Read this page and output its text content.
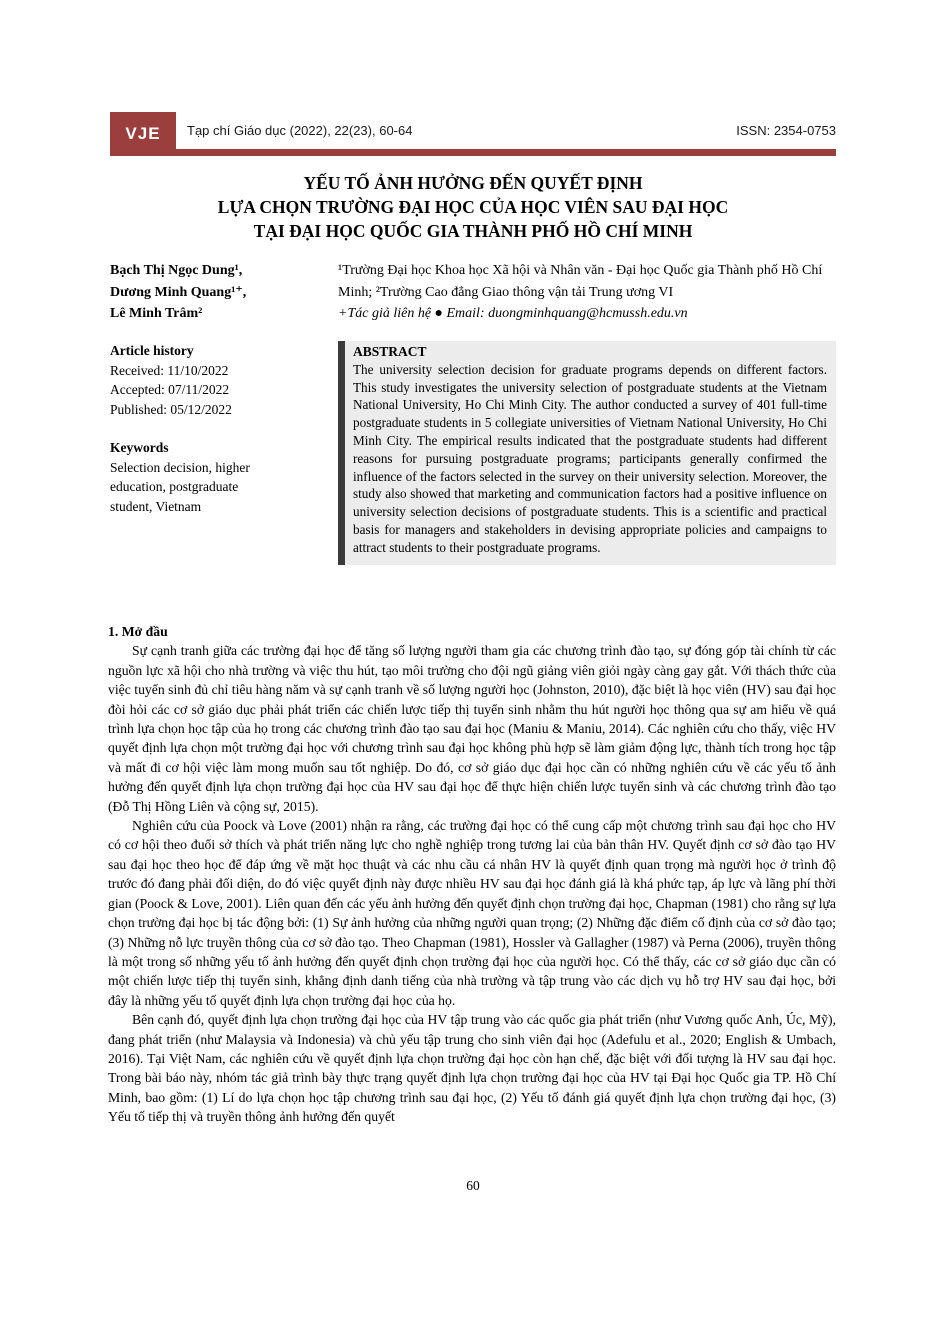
VJE Tạp chí Giáo dục (2022), 22(23), 60-64	ISSN: 2354-0753
YẾU TỐ ẢNH HƯỞNG ĐẾN QUYẾT ĐỊNH
LỰA CHỌN TRƯỜNG ĐẠI HỌC CỦA HỌC VIÊN SAU ĐẠI HỌC
TẠI ĐẠI HỌC QUỐC GIA THÀNH PHỐ HỒ CHÍ MINH
Bạch Thị Ngọc Dung¹,
Dương Minh Quang¹⁺,
Lê Minh Trâm²
¹Trường Đại học Khoa học Xã hội và Nhân văn - Đại học Quốc gia Thành phố Hồ Chí Minh; ²Trường Cao đẳng Giao thông vận tải Trung ương VI
+Tác giả liên hệ ● Email: duongminhquang@hcmussh.edu.vn
Article history
Received: 11/10/2022
Accepted: 07/11/2022
Published: 05/12/2022
Keywords
Selection decision, higher education, postgraduate student, Vietnam
ABSTRACT
The university selection decision for graduate programs depends on different factors. This study investigates the university selection of postgraduate students at the Vietnam National University, Ho Chi Minh City. The author conducted a survey of 401 full-time postgraduate students in 5 collegiate universities of Vietnam National University, Ho Chi Minh City. The empirical results indicated that the postgraduate students had different reasons for pursuing postgraduate programs; participants generally confirmed the influence of the factors selected in the survey on their university selection. Moreover, the study also showed that marketing and communication factors had a positive influence on university selection decisions of postgraduate students. This is a scientific and practical basis for managers and stakeholders in devising appropriate policies and campaigns to attract students to their postgraduate programs.
1. Mở đầu

Sự cạnh tranh giữa các trường đại học để tăng số lượng người tham gia các chương trình đào tạo, sự đóng góp tài chính từ các nguồn lực xã hội cho nhà trường và việc thu hút, tạo môi trường cho đội ngũ giảng viên giỏi ngày càng gay gắt. Với thách thức của việc tuyển sinh đủ chỉ tiêu hàng năm và sự cạnh tranh về số lượng người học (Johnston, 2010), đặc biệt là học viên (HV) sau đại học đòi hỏi các cơ sở giáo dục phải phát triển các chiến lược tiếp thị tuyển sinh nhằm thu hút người học thông qua sự am hiểu về quá trình lựa chọn học tập của họ trong các chương trình đào tạo sau đại học (Maniu & Maniu, 2014). Các nghiên cứu cho thấy, việc HV quyết định lựa chọn một trường đại học với chương trình sau đại học không phù hợp sẽ làm giảm động lực, thành tích trong học tập và mất đi cơ hội việc làm mong muốn sau tốt nghiệp. Do đó, cơ sở giáo dục đại học cần có những nghiên cứu về các yếu tố ảnh hưởng đến quyết định lựa chọn trường đại học của HV sau đại học để thực hiện chiến lược tuyển sinh và các chương trình đào tạo (Đỗ Thị Hồng Liên và cộng sự, 2015).

Nghiên cứu của Poock và Love (2001) nhận ra rằng, các trường đại học có thể cung cấp một chương trình sau đại học cho HV có cơ hội theo đuổi sở thích và phát triển năng lực cho nghề nghiệp trong tương lai của bản thân HV. Quyết định cơ sở đào tạo HV sau đại học theo học để đáp ứng về mặt học thuật và các nhu cầu cá nhân HV là quyết định quan trọng mà người học ở trình độ trước đó đang phải đối diện, do đó việc quyết định này được nhiều HV sau đại học đánh giá là khá phức tạp, áp lực và lãng phí thời gian (Poock & Love, 2001). Liên quan đến các yếu ảnh hưởng đến quyết định chọn trường đại học, Chapman (1981) cho rằng sự lựa chọn trường đại học bị tác động bởi: (1) Sự ảnh hưởng của những người quan trọng; (2) Những đặc điểm cố định của cơ sở đào tạo; (3) Những nỗ lực truyền thông của cơ sở đào tạo. Theo Chapman (1981), Hossler và Gallagher (1987) và Perna (2006), truyền thông là một trong số những yếu tố ảnh hưởng đến quyết định chọn trường đại học của người học. Có thể thấy, các cơ sở giáo dục cần có một chiến lược tiếp thị tuyển sinh, khẳng định danh tiếng của nhà trường và tập trung vào các dịch vụ hỗ trợ HV sau đại học, bởi đây là những yếu tố quyết định lựa chọn trường đại học của họ.

Bên cạnh đó, quyết định lựa chọn trường đại học của HV tập trung vào các quốc gia phát triển (như Vương quốc Anh, Úc, Mỹ), đang phát triển (như Malaysia và Indonesia) và chủ yếu tập trung cho sinh viên đại học (Adefulu et al., 2020; English & Umbach, 2016). Tại Việt Nam, các nghiên cứu về quyết định lựa chọn trường đại học còn hạn chế, đặc biệt với đối tượng là HV sau đại học. Trong bài báo này, nhóm tác giả trình bày thực trạng quyết định lựa chọn trường đại học của HV tại Đại học Quốc gia TP. Hồ Chí Minh, bao gồm: (1) Lí do lựa chọn học tập chương trình sau đại học, (2) Yếu tố đánh giá quyết định lựa chọn trường đại học, (3) Yếu tố tiếp thị và truyền thông ảnh hưởng đến quyết

60
